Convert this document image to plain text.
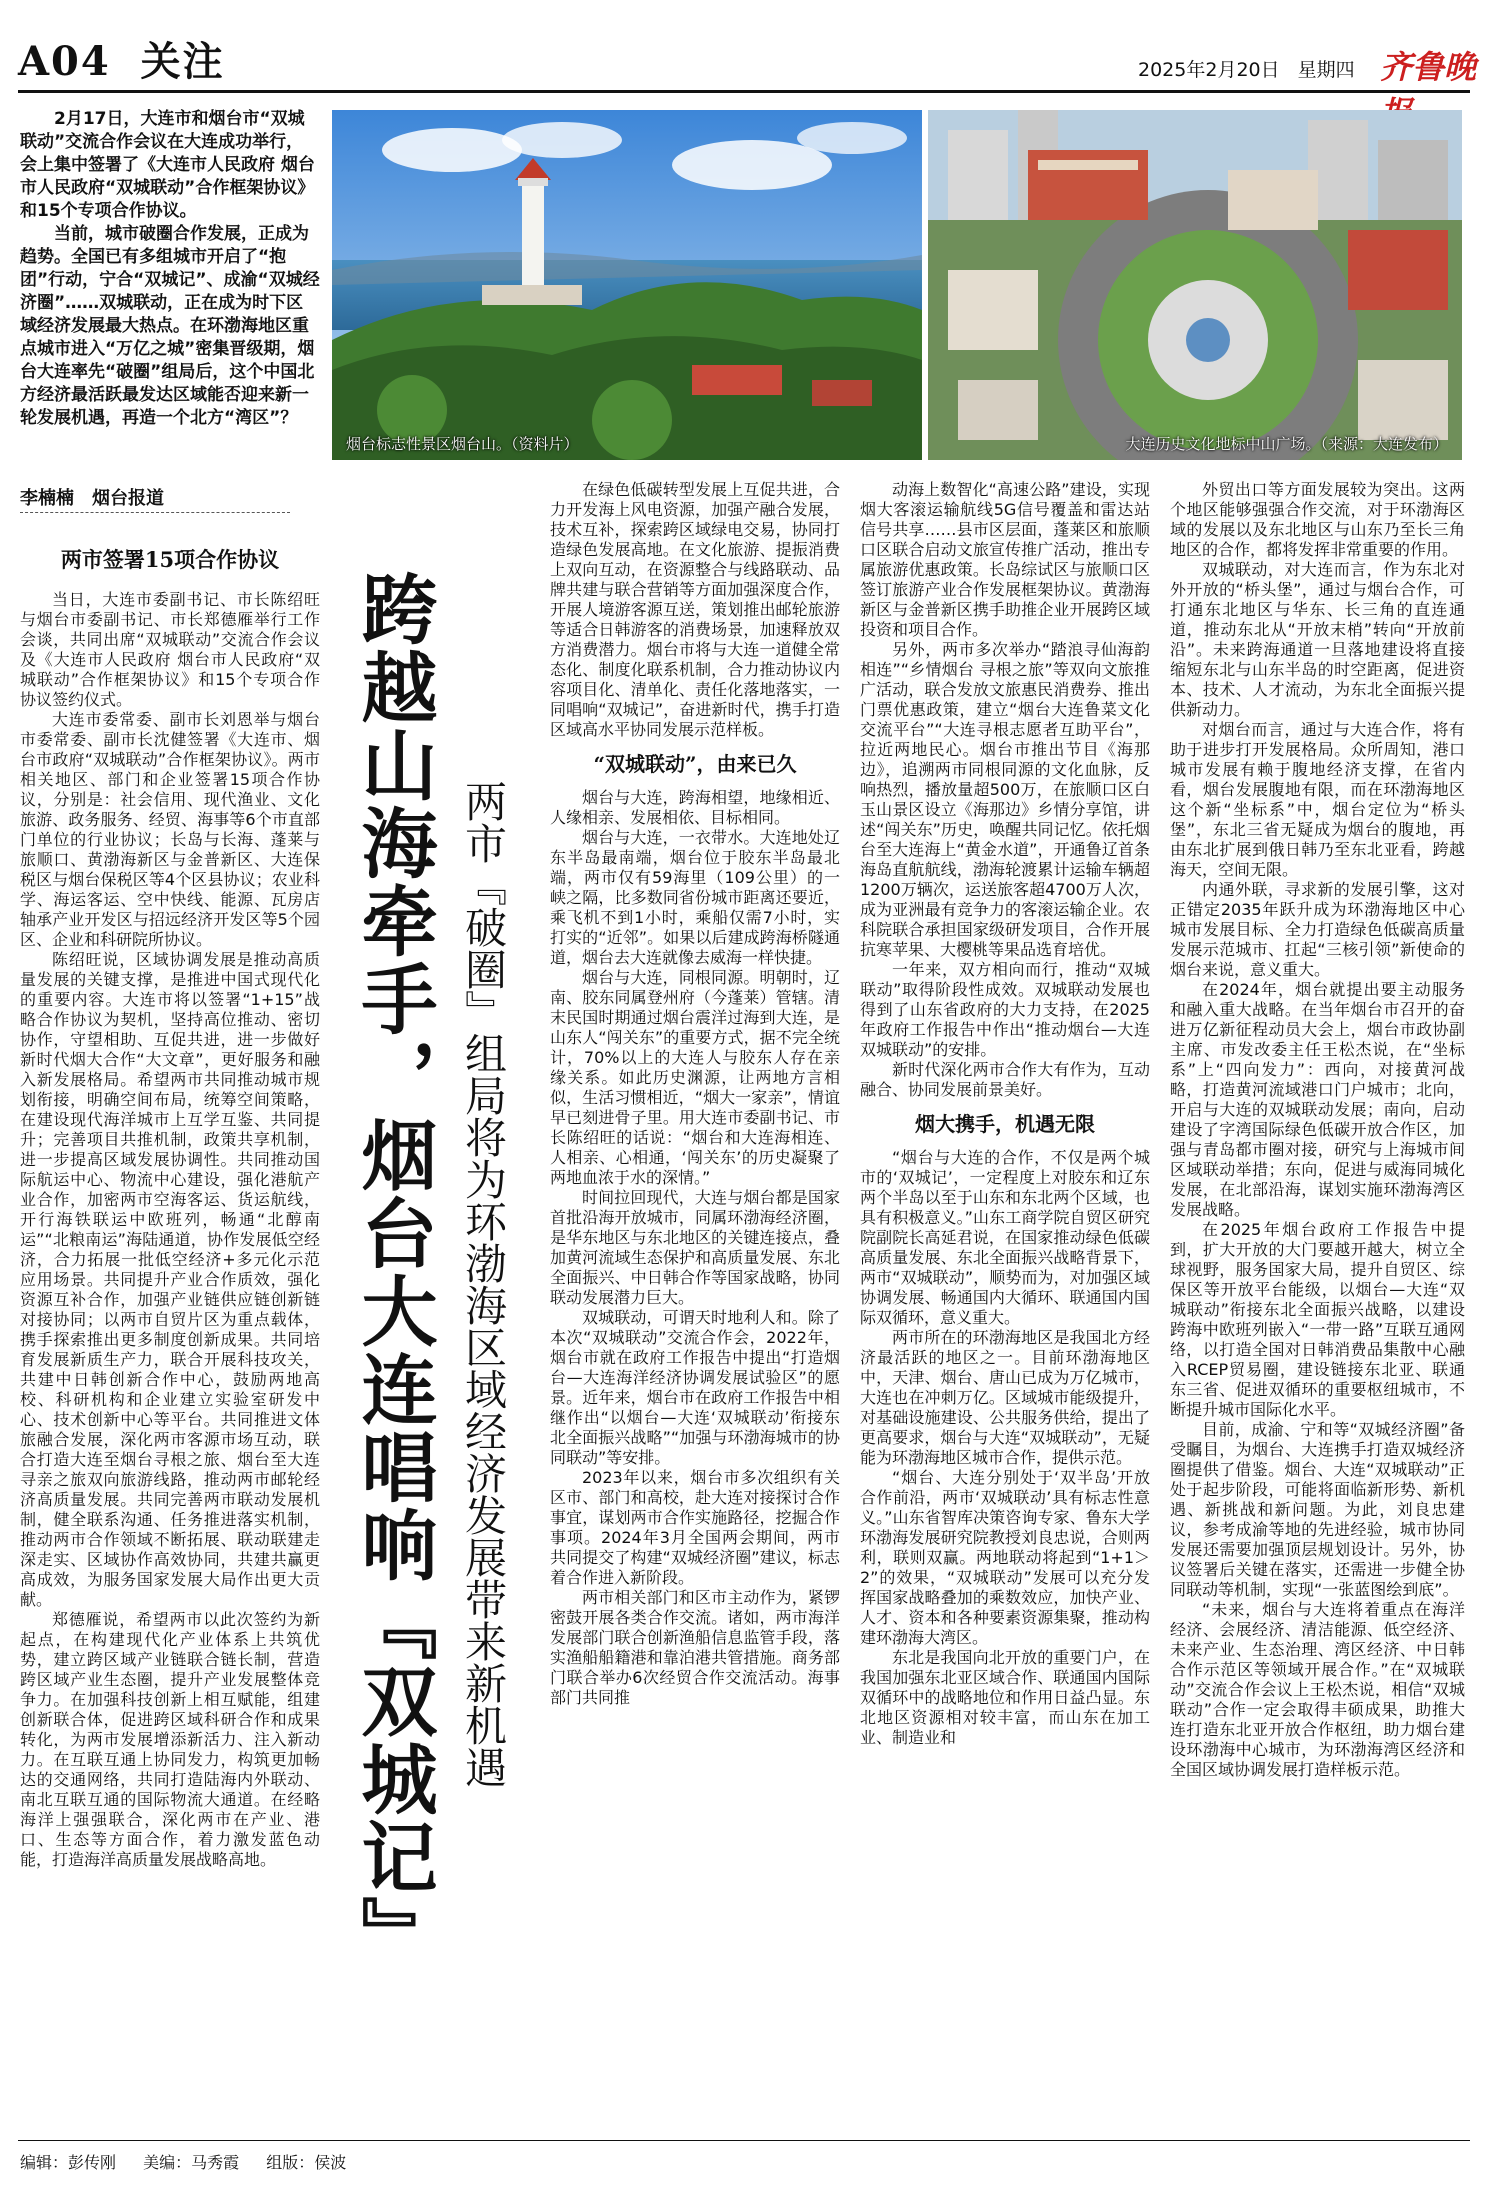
A04 关注	2025年2月20日 星期四 齐鲁晚

2月17日，大连市和烟台市“双城联动”交流合作会议在大连成功举行，会上集中签署了《大连市人民政府 烟台市人民政府“双城联动”合作框架协议》和15个专项合作协议。

当前，城市破圈合作发展，正成为趋势。全国已有多组城市开启了“抱团”行动，宁合“双城记”、成渝“双城经济圈”……双城联动，正在成为时下区域经济发展最大热点。在环渤海地区重点城市进入“万亿之城”密集晋级期，烟台大连率先“破圈”组局后，这个中国北方经济最活跃最发达区域能否迎来新一轮发展机遇，再造一个北方“湾区”？

烟台标志性景区烟台山。（资料片）	大连历史文化地标中山广场。（来源：大连发布）
李楠楠　烟台报道
两市签署15项合作协议

当日，大连市委副书记、市长陈绍旺与烟台市委副书记、市长郑德雁举行工作会谈，共同出席“双城联动”交流合作会议及《大连市人民政府 烟台市人民政府“双城联动”合作框架协议》和15个专项合作协议签约仪式。

大连市委常委、副市长刘恩举与烟台市委常委、副市长沈健签署《大连市、烟台市政府“双城联动”合作框架协议》。两市相关地区、部门和企业签署15项合作协议，分别是：社会信用、现代渔业、文化旅游、政务服务、经贸、海事等6个市直部门单位的行业协议；长岛与长海、蓬莱与旅顺口、黄渤海新区与金普新区、大连保税区与烟台保税区等4个区县协议；农业科学、海运客运、空中快线、能源、瓦房店轴承产业开发区与招远经济开发区等5个园区、企业和科研院所协议。

陈绍旺说，区域协调发展是推动高质量发展的关键支撑，是推进中国式现代化的重要内容。大连市将以签署“1+15”战略合作协议为契机，坚持高位推动、密切协作，守望相助、互促共进，进一步做好新时代烟大合作“大文章”，更好服务和融入新发展格局。希望两市共同推动城市规划衔接，明确空间布局，统筹空间策略，在建设现代海洋城市上互学互鉴、共同提升；完善项目共推机制，政策共享机制，进一步提高区域发展协调性。共同推动国际航运中心、物流中心建设，强化港航产业合作，加密两市空海客运、货运航线，开行海铁联运中欧班列，畅通“北醇南运”“北粮南运”海陆通道，协作发展低空经济，合力拓展一批低空经济+多元化示范应用场景。共同提升产业合作质效，强化资源互补合作，加强产业链供应链创新链对接协同；以两市自贸片区为重点载体，携手探索推出更多制度创新成果。共同培育发展新质生产力，联合开展科技攻关，共建中日韩创新合作中心，鼓励两地高校、科研机构和企业建立实验室研发中心、技术创新中心等平台。共同推进文体旅融合发展，深化两市客源市场互动，联合打造大连至烟台寻根之旅、烟台至大连寻亲之旅双向旅游线路，推动两市邮轮经济高质量发展。共同完善两市联动发展机制，健全联系沟通、任务推进落实机制，推动两市合作领域不断拓展、联动联建走深走实、区域协作高效协同，共建共赢更高成效，为服务国家发展大局作出更大贡献。

郑德雁说，希望两市以此次签约为新起点，在构建现代化产业体系上共筑优势，建立跨区域产业链联合链长制，营造跨区域产业生态圈，提升产业发展整体竞争力。在加强科技创新上相互赋能，组建创新联合体，促进跨区域科研合作和成果转化，为两市发展增添新活力、注入新动力。在互联互通上协同发力，构筑更加畅达的交通网络，共同打造陆海内外联动、南北互联互通的国际物流大通道。在经略海洋上强强联合，深化两市在产业、港口、生态等方面合作，着力激发蓝色动能，打造海洋高质量发展战略高地。 跨越山海牵手，烟台大连唱响『双城记』 两市『破圈』组局将为环渤海区域经济发展带来新机遇

在绿色低碳转型发展上互促共进，合力开发海上风电资源，加强产融合发展，技术互补，探索跨区域绿电交易，协同打造绿色发展高地。在文化旅游、提振消费上双向互动，在资源整合与线路联动、品牌共建与联合营销等方面加强深度合作，开展人境游客源互送，策划推出邮轮旅游等适合日韩游客的消费场景，加速释放双方消费潜力。烟台市将与大连一道健全常态化、制度化联系机制，合力推动协议内容项目化、清单化、责任化落地落实，一同唱响“双城记”，奋进新时代，携手打造区域高水平协同发展示范样板。

“双城联动”，由来已久

烟台与大连，跨海相望，地缘相近、人缘相亲、发展相依、目标相同。

烟台与大连，一衣带水。大连地处辽东半岛最南端，烟台位于胶东半岛最北端，两市仅有59海里（109公里）的一峡之隔，比多数同省份城市距离还要近，乘飞机不到1小时，乘船仅需7小时，实打实的“近邻”。如果以后建成跨海桥隧通道，烟台去大连就像去威海一样快捷。

烟台与大连，同根同源。明朝时，辽南、胶东同属登州府（今蓬莱）管辖。清末民国时期通过烟台震洋过海到大连，是山东人“闯关东”的重要方式，据不完全统计，70%以上的大连人与胶东人存在亲缘关系。如此历史渊源，让两地方言相似，生活习惯相近，“烟大一家亲”，情谊早已刻进骨子里。用大连市委副书记、市长陈绍旺的话说：“烟台和大连海相连、人相亲、心相通，‘闯关东’的历史凝聚了两地血浓于水的深情。”

时间拉回现代，大连与烟台都是国家首批沿海开放城市，同属环渤海经济圈，是华东地区与东北地区的关键连接点，叠加黄河流域生态保护和高质量发展、东北全面振兴、中日韩合作等国家战略，协同联动发展潜力巨大。

双城联动，可谓天时地利人和。除了本次“双城联动”交流合作会，2022年，烟台市就在政府工作报告中提出“打造烟台—大连海洋经济协调发展试验区”的愿景。近年来，烟台市在政府工作报告中相继作出“以烟台—大连‘双城联动’衔接东北全面振兴战略”“加强与环渤海城市的协同联动”等安排。

2023年以来，烟台市多次组织有关区市、部门和高校，赴大连对接探讨合作事宜，谋划两市合作实施路径，挖掘合作事项。2024年3月全国两会期间，两市共同提交了构建“双城经济圈”建议，标志着合作进入新阶段。

两市相关部门和区市主动作为，紧锣密鼓开展各类合作交流。诸如，两市海洋发展部门联合创新渔船信息监管手段，落实渔船船籍港和靠泊港共管措施。商务部门联合举办6次经贸合作交流活动。海事部门共同推

动海上数智化“高速公路”建设，实现烟大客滚运输航线5G信号覆盖和雷达站信号共享……县市区层面，蓬莱区和旅顺口区联合启动文旅宣传推广活动，推出专属旅游优惠政策。长岛综试区与旅顺口区签订旅游产业合作发展框架协议。黄渤海新区与金普新区携手助推企业开展跨区域投资和项目合作。

另外，两市多次举办“踏浪寻仙海韵相连”“乡情烟台 寻根之旅”等双向文旅推广活动，联合发放文旅惠民消费券、推出门票优惠政策，建立“烟台大连鲁菜文化交流平台”“大连寻根志愿者互助平台”，拉近两地民心。烟台市推出节目《海那边》，追溯两市同根同源的文化血脉，反响热烈，播放量超500万，在旅顺口区白玉山景区设立《海那边》乡情分享馆，讲述“闯关东”历史，唤醒共同记忆。依托烟台至大连海上“黄金水道”，开通鲁辽首条海岛直航航线，渤海轮渡累计运输车辆超1200万辆次，运送旅客超4700万人次，成为亚洲最有竞争力的客滚运输企业。农科院联合承担国家级研发项目，合作开展抗寒苹果、大樱桃等果品选育培优。

一年来，双方相向而行，推动“双城联动”取得阶段性成效。双城联动发展也得到了山东省政府的大力支持，在2025年政府工作报告中作出“推动烟台—大连双城联动”的安排。

新时代深化两市合作大有作为，互动融合、协同发展前景美好。

烟大携手，机遇无限

“烟台与大连的合作，不仅是两个城市的‘双城记’，一定程度上对胶东和辽东两个半岛以至于山东和东北两个区域，也具有积极意义。”山东工商学院自贸区研究院副院长高延君说，在国家推动绿色低碳高质量发展、东北全面振兴战略背景下，两市“双城联动”，顺势而为，对加强区域协调发展、畅通国内大循环、联通国内国际双循环，意义重大。

两市所在的环渤海地区是我国北方经济最活跃的地区之一。目前环渤海地区中，天津、烟台、唐山已成为万亿城市，大连也在冲刺万亿。区域城市能级提升，对基础设施建设、公共服务供给，提出了更高要求，烟台与大连“双城联动”，无疑能为环渤海地区城市合作，提供示范。

“烟台、大连分别处于‘双半岛’开放合作前沿，两市‘双城联动’具有标志性意义。”山东省智库决策咨询专家、鲁东大学环渤海发展研究院教授刘良忠说，合则两利，联则双赢。两地联动将起到“1+1＞2”的效果，“双城联动”发展可以充分发挥国家战略叠加的乘数效应，加快产业、人才、资本和各种要素资源集聚，推动构建环渤海大湾区。

东北是我国向北开放的重要门户，在我国加强东北亚区域合作、联通国内国际双循环中的战略地位和作用日益凸显。东北地区资源相对较丰富，而山东在加工业、制造业和

外贸出口等方面发展较为突出。这两个地区能够强强合作交流，对于环渤海区域的发展以及东北地区与山东乃至长三角地区的合作，都将发挥非常重要的作用。

双城联动，对大连而言，作为东北对外开放的“桥头堡”，通过与烟台合作，可打通东北地区与华东、长三角的直连通道，推动东北从“开放末梢”转向“开放前沿”。未来跨海通道一旦落地建设将直接缩短东北与山东半岛的时空距离，促进资本、技术、人才流动，为东北全面振兴提供新动力。

对烟台而言，通过与大连合作，将有助于进步打开发展格局。众所周知，港口城市发展有赖于腹地经济支撑，在省内看，烟台发展腹地有限，而在环渤海地区这个新“坐标系”中，烟台定位为“桥头堡”，东北三省无疑成为烟台的腹地，再由东北扩展到俄日韩乃至东北亚看，跨越海天，空间无限。

内通外联，寻求新的发展引擎，这对正错定2035年跃升成为环渤海地区中心城市发展目标、全力打造绿色低碳高质量发展示范城市、扛起“三核引领”新使命的烟台来说，意义重大。

在2024年，烟台就提出要主动服务和融入重大战略。在当年烟台市召开的奋进万亿新征程动员大会上，烟台市政协副主席、市发改委主任王松杰说，在“坐标系”上“四向发力”：西向，对接黄河战略，打造黄河流域港口门户城市；北向，开启与大连的双城联动发展；南向，启动建设了字湾国际绿色低碳开放合作区，加强与青岛都市圈对接，研究与上海城市间区域联动举措；东向，促进与威海同城化发展，在北部沿海，谋划实施环渤海湾区发展战略。

在2025年烟台政府工作报告中提到，扩大开放的大门要越开越大，树立全球视野，服务国家大局，提升自贸区、综保区等开放平台能级，以烟台—大连“双城联动”衔接东北全面振兴战略，以建设跨海中欧班列嵌入“一带一路”互联互通网络，以打造全国对日韩消费品集散中心融入RCEP贸易圈，建设链接东北亚、联通东三省、促进双循环的重要枢纽城市，不断提升城市国际化水平。

目前，成渝、宁和等“双城经济圈”备受瞩目，为烟台、大连携手打造双城经济圈提供了借鉴。烟台、大连“双城联动”正处于起步阶段，可能将面临新形势、新机遇、新挑战和新问题。为此，刘良忠建议，参考成渝等地的先进经验，城市协同发展还需要加强顶层规划设计。另外，协议签署后关键在落实，还需进一步健全协同联动等机制，实现“一张蓝图绘到底”。

“未来，烟台与大连将着重点在海洋经济、会展经济、清洁能源、低空经济、未来产业、生态治理、湾区经济、中日韩合作示范区等领域开展合作。”在“双城联动”交流合作会议上王松杰说，相信“双城联动”合作一定会取得丰硕成果，助推大连打造东北亚开放合作枢纽，助力烟台建设环渤海中心城市，为环渤海湾区经济和全国区域协调发展打造样板示范。

编辑：彭传刚 美编：马秀霞 组版：侯波
